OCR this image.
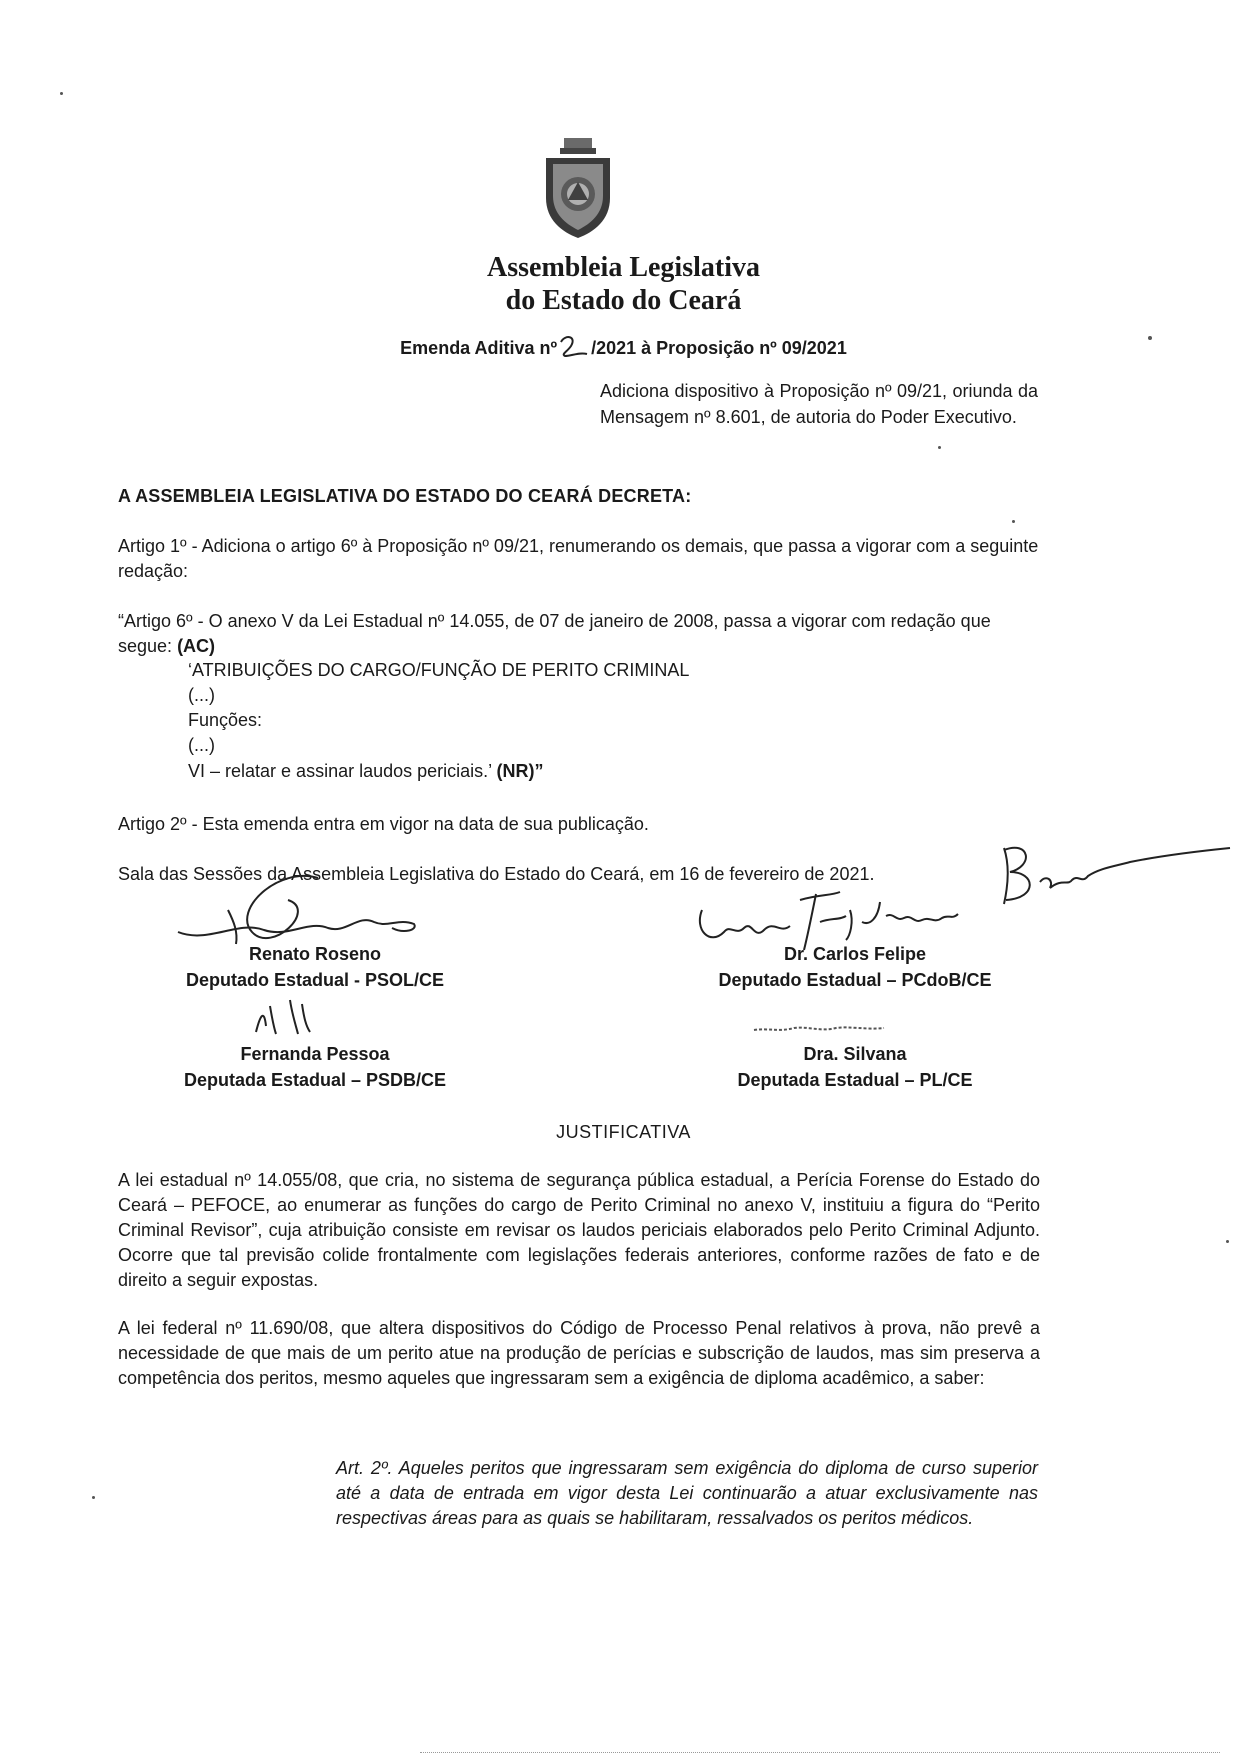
Assembleia Legislativa
do Estado do Ceará
Emenda Aditiva nº /2021 à Proposição nº 09/2021
Adiciona dispositivo à Proposição nº 09/21, oriunda da Mensagem nº 8.601, de autoria do Poder Executivo.
A ASSEMBLEIA LEGISLATIVA DO ESTADO DO CEARÁ DECRETA:
Artigo 1º - Adiciona o artigo 6º à Proposição nº 09/21, renumerando os demais, que passa a vigorar com a seguinte redação:
“Artigo 6º - O anexo V da Lei Estadual nº 14.055, de 07 de janeiro de 2008, passa a vigorar com redação que segue: (AC)
‘ATRIBUIÇÕES DO CARGO/FUNÇÃO DE PERITO CRIMINAL
(...)
Funções:
(...)
VI – relatar e assinar laudos periciais.’ (NR)”
Artigo 2º - Esta emenda entra em vigor na data de sua publicação.
Sala das Sessões da Assembleia Legislativa do Estado do Ceará, em 16 de fevereiro de 2021.
Renato Roseno
Deputado Estadual - PSOL/CE
Dr. Carlos Felipe
Deputado Estadual – PCdoB/CE
Fernanda Pessoa
Deputada Estadual – PSDB/CE
Dra. Silvana
Deputada Estadual – PL/CE
JUSTIFICATIVA
A lei estadual nº 14.055/08, que cria, no sistema de segurança pública estadual, a Perícia Forense do Estado do Ceará – PEFOCE, ao enumerar as funções do cargo de Perito Criminal no anexo V, instituiu a figura do “Perito Criminal Revisor”, cuja atribuição consiste em revisar os laudos periciais elaborados pelo Perito Criminal Adjunto. Ocorre que tal previsão colide frontalmente com legislações federais anteriores, conforme razões de fato e de direito a seguir expostas.
A lei federal nº 11.690/08, que altera dispositivos do Código de Processo Penal relativos à prova, não prevê a necessidade de que mais de um perito atue na produção de perícias e subscrição de laudos, mas sim preserva a competência dos peritos, mesmo aqueles que ingressaram sem a exigência de diploma acadêmico, a saber:
Art. 2º. Aqueles peritos que ingressaram sem exigência do diploma de curso superior até a data de entrada em vigor desta Lei continuarão a atuar exclusivamente nas respectivas áreas para as quais se habilitaram, ressalvados os peritos médicos.
